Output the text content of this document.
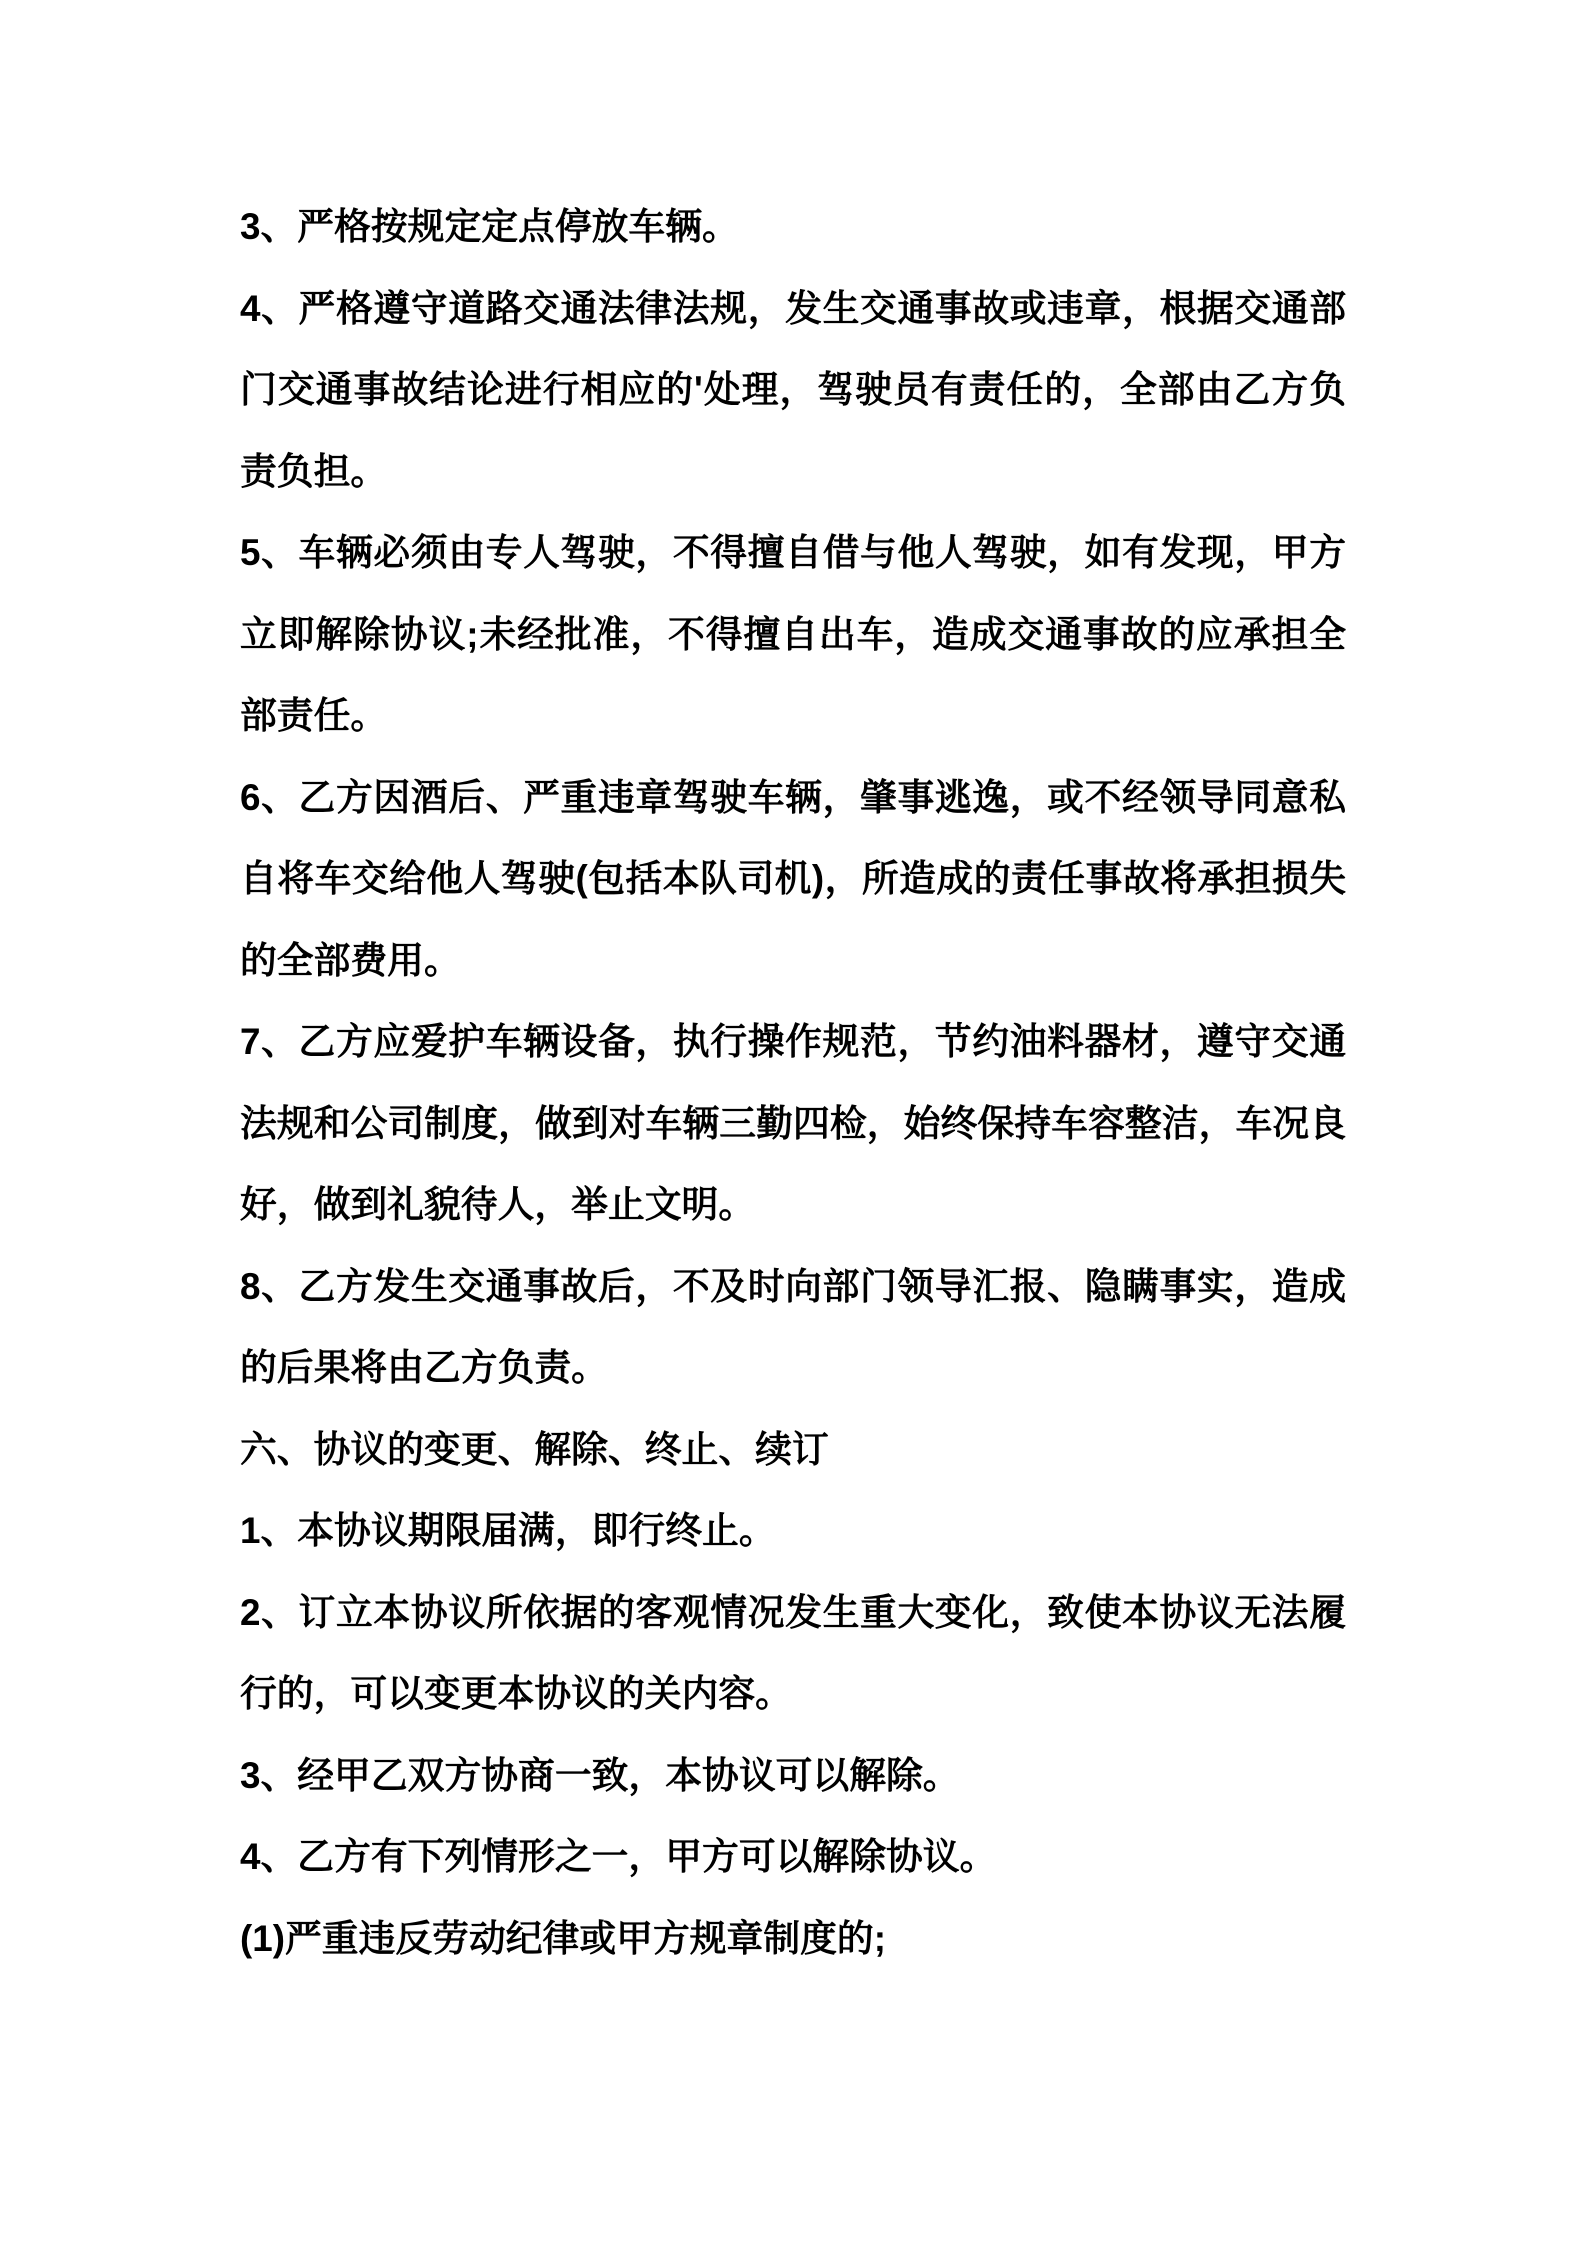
3、严格按规定定点停放车辆。

4、严格遵守道路交通法律法规，发生交通事故或违章，根据交通部门交通事故结论进行相应的'处理，驾驶员有责任的，全部由乙方负责负担。

5、车辆必须由专人驾驶，不得擅自借与他人驾驶，如有发现，甲方立即解除协议;未经批准，不得擅自出车，造成交通事故的应承担全部责任。

6、乙方因酒后、严重违章驾驶车辆，肇事逃逸，或不经领导同意私自将车交给他人驾驶(包括本队司机)，所造成的责任事故将承担损失的全部费用。

7、乙方应爱护车辆设备，执行操作规范，节约油料器材，遵守交通法规和公司制度，做到对车辆三勤四检，始终保持车容整洁，车况良好，做到礼貌待人，举止文明。

8、乙方发生交通事故后，不及时向部门领导汇报、隐瞒事实，造成的后果将由乙方负责。

六、协议的变更、解除、终止、续订

1、本协议期限届满，即行终止。

2、订立本协议所依据的客观情况发生重大变化，致使本协议无法履行的，可以变更本协议的关内容。

3、经甲乙双方协商一致，本协议可以解除。

4、乙方有下列情形之一，甲方可以解除协议。

(1)严重违反劳动纪律或甲方规章制度的;
